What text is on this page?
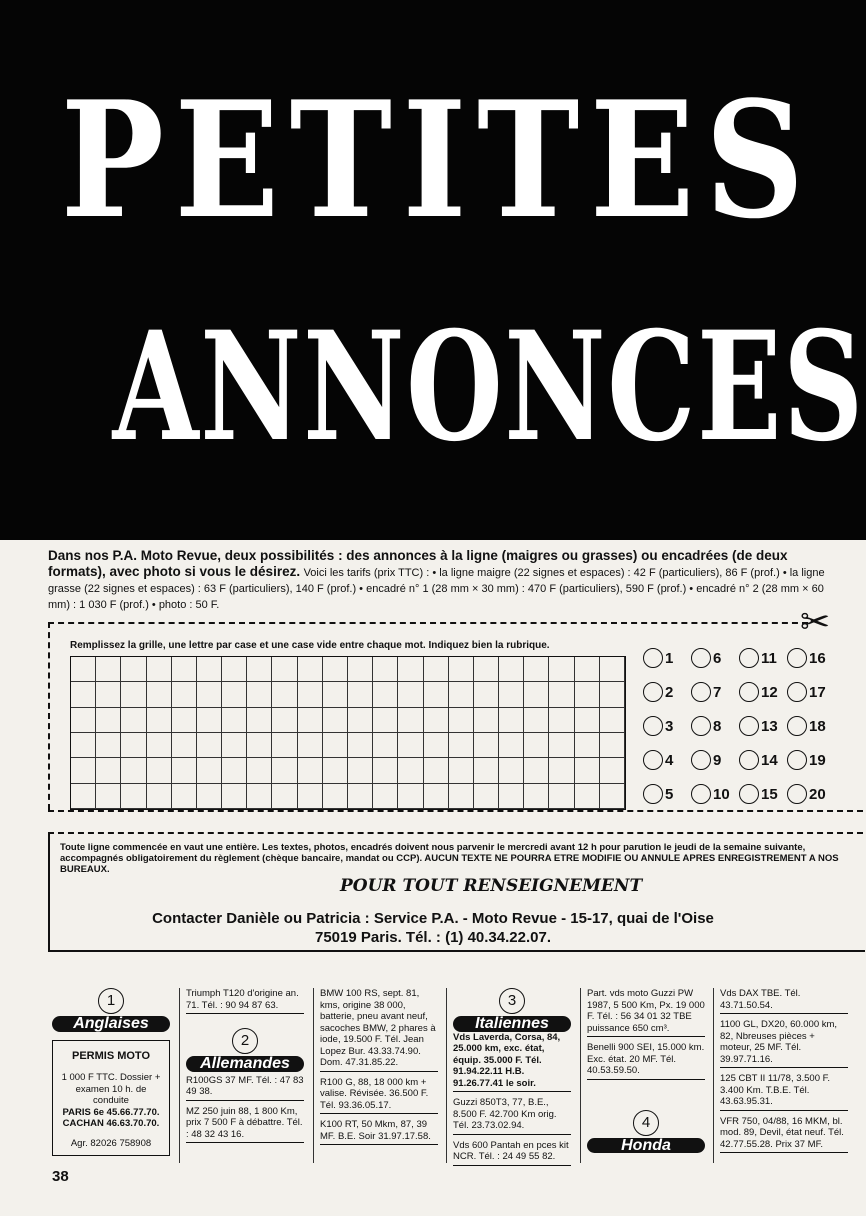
PETITES
ANNONCES
Dans nos P.A. Moto Revue, deux possibilités : des annonces à la ligne (maigres ou grasses) ou encadrées (de deux formats), avec photo si vous le désirez. Voici les tarifs (prix TTC) : • la ligne maigre (22 signes et espaces) : 42 F (particuliers), 86 F (prof.) • la ligne grasse (22 signes et espaces) : 63 F (particuliers), 140 F (prof.) • encadré n° 1 (28 mm × 30 mm) : 470 F (particuliers), 590 F (prof.) • encadré n° 2 (28 mm × 60 mm) : 1 030 F (prof.) • photo : 50 F.	✂
Remplissez la grille, une lettre par case et une case vide entre chaque mot. Indiquez bien la rubrique.
1
2
3
4
5
6
7
8
9
10
11
12
13
14
15
16
17
18
19
20
Toute ligne commencée en vaut une entière. Les textes, photos, encadrés doivent nous parvenir le mercredi avant 12 h pour parution le jeudi de la semaine suivante, accompagnés obligatoirement du règlement (chèque bancaire, mandat ou CCP). AUCUN TEXTE NE POURRA ETRE MODIFIE OU ANNULE APRES ENREGISTREMENT A NOS BUREAUX.
POUR TOUT RENSEIGNEMENT
Contacter Danièle ou Patricia : Service P.A. - Moto Revue - 15-17, quai de l'Oise
75019 Paris. Tél. : (1) 40.34.22.07.
1
Anglaises
PERMIS MOTO
1 000 F TTC. Dossier + examen 10 h. de conduite
PARIS 6e 45.66.77.70.
CACHAN 46.63.70.70.
Agr. 82026 758908
Triumph T120 d'origine an. 71. Tél. : 90 94 87 63.
2
Allemandes
R100GS 37 MF. Tél. : 47 83 49 38.
MZ 250 juin 88, 1 800 Km, prix 7 500 F à débattre. Tél. : 48 32 43 16.
BMW 100 RS, sept. 81, kms, origine 38 000, batterie, pneu avant neuf, sacoches BMW, 2 phares à iode, 19.500 F. Tél. Jean Lopez Bur. 43.33.74.90. Dom. 47.31.85.22.
R100 G, 88, 18 000 km + valise. Révisée. 36.500 F. Tél. 93.36.05.17.
K100 RT, 50 Mkm, 87, 39 MF. B.E. Soir 31.97.17.58.
3
Italiennes
Vds Laverda, Corsa, 84, 25.000 km, exc. état, équip. 35.000 F. Tél. 91.94.22.11 H.B. 91.26.77.41 le soir.
Guzzi 850T3, 77, B.E., 8.500 F. 42.700 Km orig. Tél. 23.73.02.94.
Vds 600 Pantah en pces kit NCR. Tél. : 24 49 55 82.
Part. vds moto Guzzi PW 1987, 5 500 Km, Px. 19 000 F. Tél. : 56 34 01 32 TBE puissance 650 cm³.
Benelli 900 SEI, 15.000 km. Exc. état. 20 MF. Tél. 40.53.59.50.
4
Honda
Vds DAX TBE. Tél. 43.71.50.54.
1100 GL, DX20, 60.000 km, 82, Nbreuses pièces + moteur, 25 MF. Tél. 39.97.71.16.
125 CBT II 11/78, 3.500 F. 3.400 Km. T.B.E. Tél. 43.63.95.31.
VFR 750, 04/88, 16 MKM, bl. mod. 89, Devil, état neuf. Tél. 42.77.55.28. Prix 37 MF.
38
